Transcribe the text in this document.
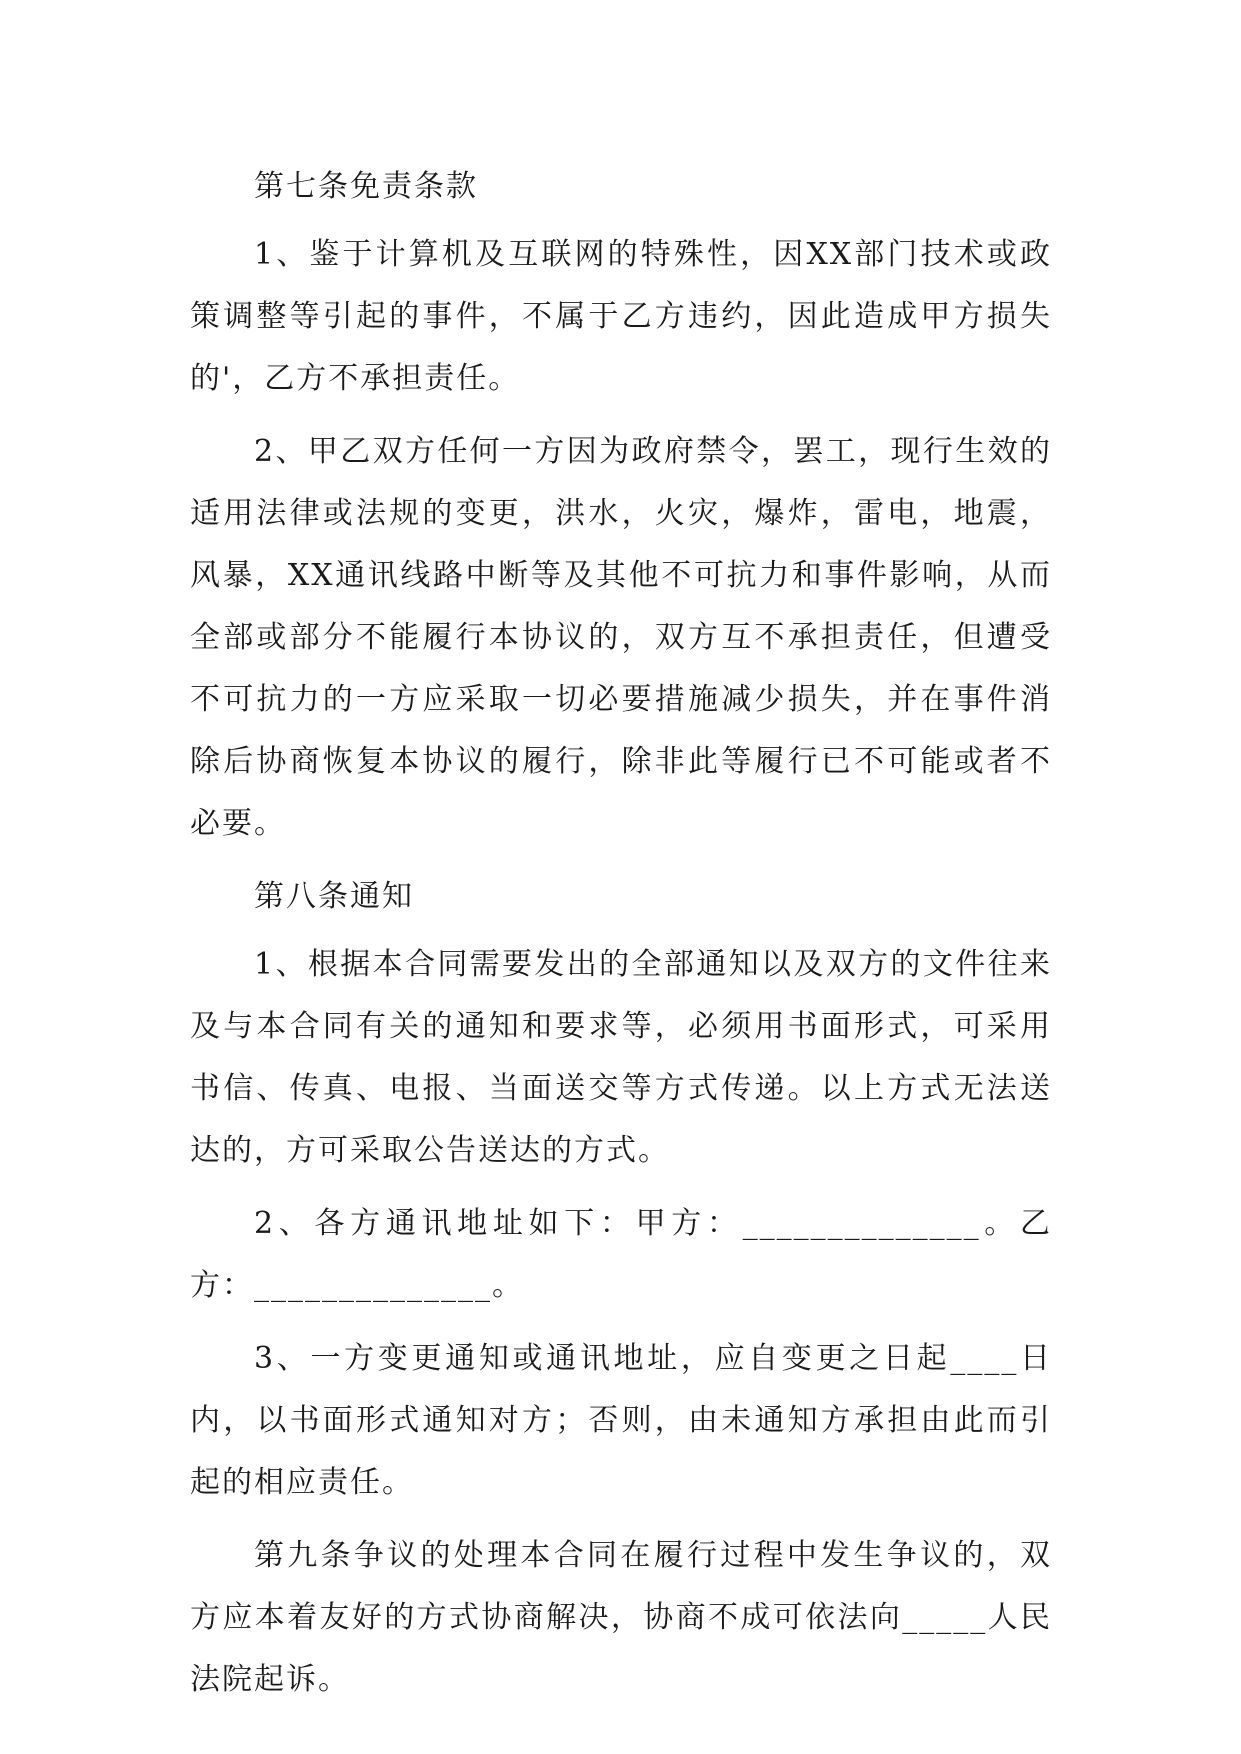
第七条免责条款

1、鉴于计算机及互联网的特殊性，因XX部门技术或政策调整等引起的事件，不属于乙方违约，因此造成甲方损失的'，乙方不承担责任。

2、甲乙双方任何一方因为政府禁令，罢工，现行生效的适用法律或法规的变更，洪水，火灾，爆炸，雷电，地震，风暴，XX通讯线路中断等及其他不可抗力和事件影响，从而全部或部分不能履行本协议的，双方互不承担责任，但遭受不可抗力的一方应采取一切必要措施减少损失，并在事件消除后协商恢复本协议的履行，除非此等履行已不可能或者不必要。

第八条通知

1、根据本合同需要发出的全部通知以及双方的文件往来及与本合同有关的通知和要求等，必须用书面形式，可采用书信、传真、电报、当面送交等方式传递。以上方式无法送达的，方可采取公告送达的方式。

2、各方通讯地址如下：甲方：______________。乙方：______________。

3、一方变更通知或通讯地址，应自变更之日起____日内，以书面形式通知对方；否则，由未通知方承担由此而引起的相应责任。

第九条争议的处理本合同在履行过程中发生争议的，双方应本着友好的方式协商解决，协商不成可依法向_____人民法院起诉。
